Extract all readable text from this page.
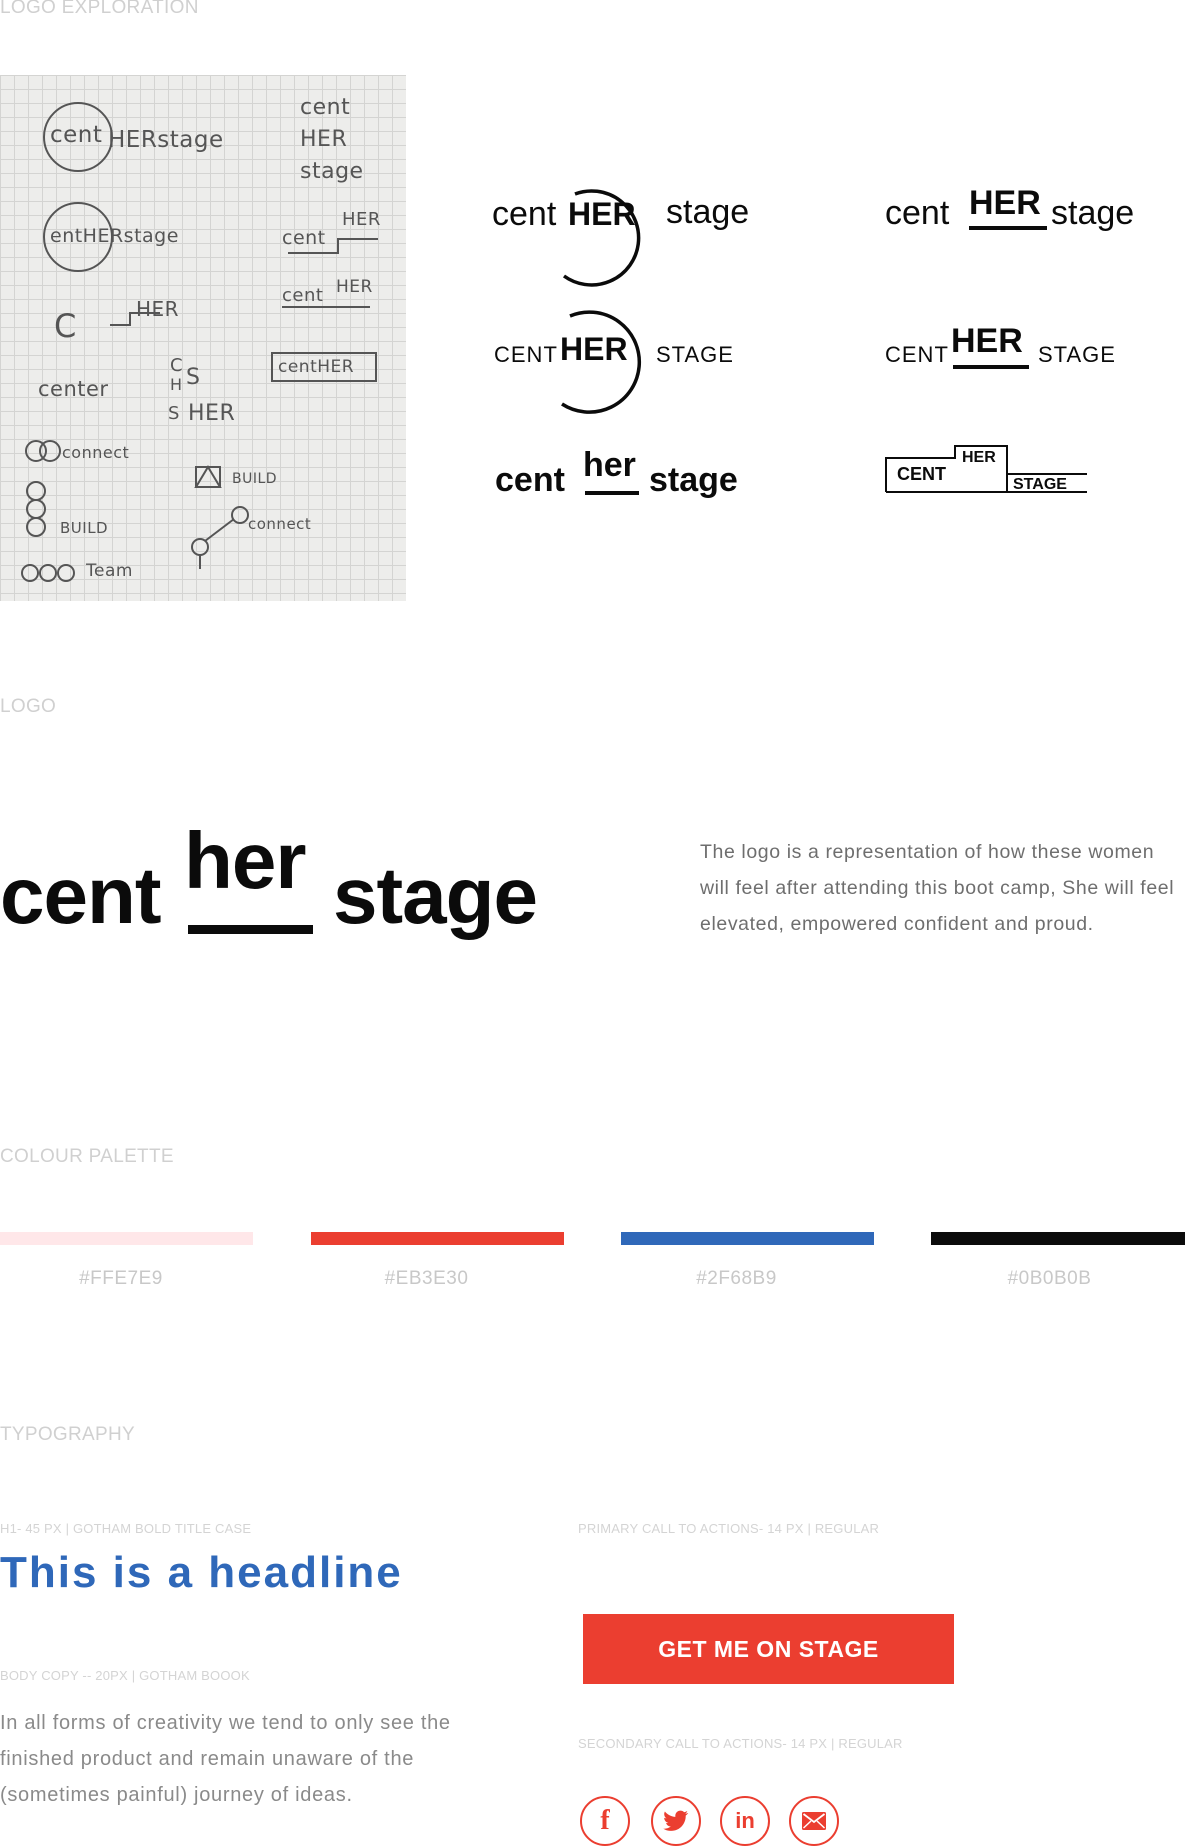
LOGO EXPLORATION
cent HERstage
cent
HER
stage
entHERstage	cent
HER
cent HER
C	HER
centHER
C S
center	H
S HER
connect
BUILD
BUILD	connect
Team
cent HER stage	cent HER stage
CENT HER STAGE	CENT HER STAGE
cent her stage	CENT
HER
STAGE
LOGO
cent her stage	The logo is a representation of how these women will feel after attending this boot camp, She will feel elevated, empowered confident and proud.
COLOUR PALETTE
#FFE7E9	#EB3E30	#2F68B9	#0B0B0B
TYPOGRAPHY
H1- 45 PX | GOTHAM BOLD TITLE CASE
This is a headline
BODY COPY -- 20PX | GOTHAM BOOOK
In all forms of creativity we tend to only see the finished product and remain unaware of the (sometimes painful) journey of ideas.
PRIMARY CALL TO ACTIONS- 14 PX | REGULAR
GET ME ON STAGE
SECONDARY CALL TO ACTIONS- 14 PX | REGULAR
f	in
